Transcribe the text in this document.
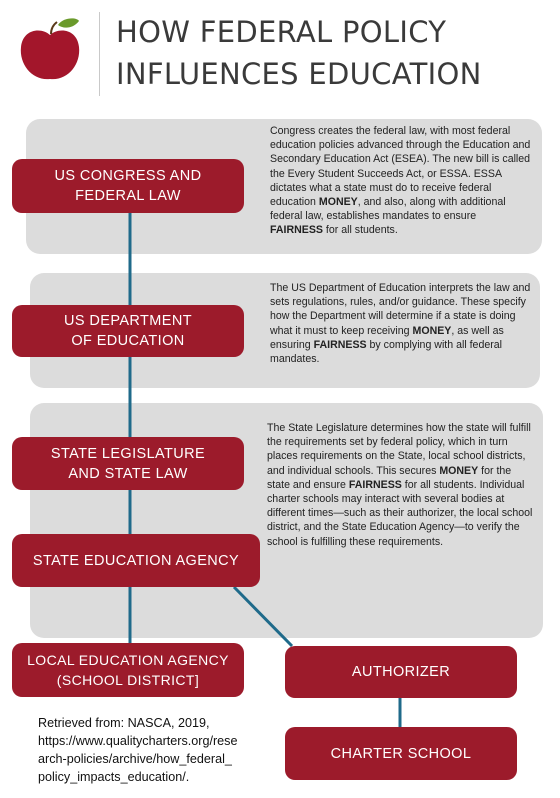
HOW FEDERAL POLICY
INFLUENCES EDUCATION
Congress creates the federal law, with most federal education policies advanced through the Education and Secondary Education Act (ESEA). The new bill is called the Every Student Succeeds Act, or ESSA. ESSA dictates what a state must do to receive federal education MONEY, and also, along with additional federal law, establishes mandates to ensure FAIRNESS for all students.
The US Department of Education interprets the law and sets regulations, rules, and/or guidance. These specify how the Department will determine if a state is doing what it must to keep receiving MONEY, as well as ensuring FAIRNESS by complying with all federal mandates.
The State Legislature determines how the state will fulfill the requirements set by federal policy, which in turn places requirements on the State, local school districts, and individual schools. This secures MONEY for the state and ensure FAIRNESS for all students. Individual charter schools may interact with several bodies at different times—such as their authorizer, the local school district, and the State Education Agency—to verify the school is fulfilling these requirements.
US CONGRESS AND
FEDERAL LAW
US DEPARTMENT
OF EDUCATION
STATE LEGISLATURE
AND STATE LAW
STATE EDUCATION AGENCY
LOCAL EDUCATION AGENCY
(SCHOOL DISTRICT]	AUTHORIZER
CHARTER SCHOOL
Retrieved from: NASCA, 2019,
https://www.qualitycharters.org/rese
arch-policies/archive/how_federal_
policy_impacts_education/.
